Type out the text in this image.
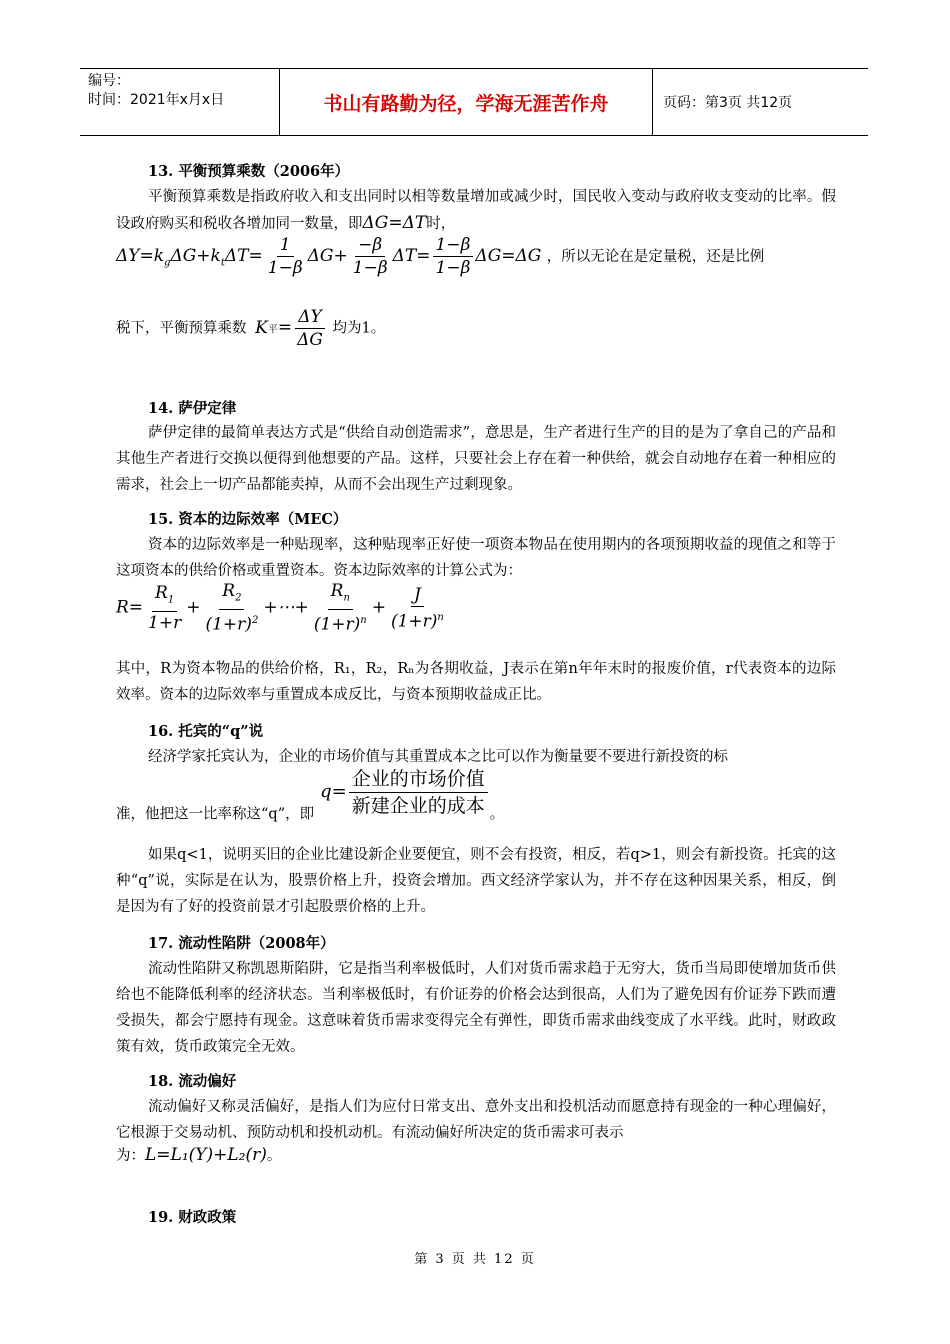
编号：
时间：2021年x月x日	书山有路勤为径，学海无涯苦作舟	页码：第3页 共12页
13. 平衡预算乘数（2006年）
平衡预算乘数是指政府收入和支出同时以相等数量增加或减少时，国民收入变动与政府收支变动的比率。假设政府购买和税收各增加同一数量，即ΔG=ΔT时，
$\Delta Y=k_g\Delta G+k_t\Delta T= \frac{1}{1-\beta} \Delta G+ \frac{-\beta}{1-\beta} \Delta T= \frac{1-\beta}{1-\beta} \Delta G=\Delta G$ ，所以无论在是定量税，还是比例
税下，平衡预算乘数 K平= $\frac{\Delta Y}{\Delta G}$ 均为1。
14. 萨伊定律
萨伊定律的最简单表达方式是“供给自动创造需求”，意思是，生产者进行生产的目的是为了拿自己的产品和其他生产者进行交换以便得到他想要的产品。这样，只要社会上存在着一种供给，就会自动地存在着一种相应的需求，社会上一切产品都能卖掉，从而不会出现生产过剩现象。
15. 资本的边际效率（MEC）
资本的边际效率是一种贴现率，这种贴现率正好使一项资本物品在使用期内的各项预期收益的现值之和等于这项资本的供给价格或重置资本。资本边际效率的计算公式为：
$R= \frac{R_1}{1+r} + \frac{R_2}{(1+r)^2}$ +⋯+ $\frac{R_n}{(1+r)^n} + \frac{J}{(1+r)^n}$
其中，R为资本物品的供给价格，R₁，R₂，Rₙ为各期收益，J表示在第n年年末时的报废价值，r代表资本的边际效率。资本的边际效率与重置成本成反比，与资本预期收益成正比。
16. 托宾的“q”说
经济学家托宾认为，企业的市场价值与其重置成本之比可以作为衡量要不要进行新投资的标
准，他把这一比率称这“q”，即$q= \frac{\text{企业的市场价值}}{\text{新建企业的成本}}$ 。
如果q<1，说明买旧的企业比建设新企业要便宜，则不会有投资，相反，若q>1，则会有新投资。托宾的这种“q”说，实际是在认为，股票价格上升，投资会增加。西文经济学家认为，并不存在这种因果关系，相反，倒是因为有了好的投资前景才引起股票价格的上升。
17. 流动性陷阱（2008年）
流动性陷阱又称凯恩斯陷阱，它是指当利率极低时，人们对货币需求趋于无穷大，货币当局即使增加货币供给也不能降低利率的经济状态。当利率极低时，有价证券的价格会达到很高，人们为了避免因有价证券下跌而遭受损失，都会宁愿持有现金。这意味着货币需求变得完全有弹性，即货币需求曲线变成了水平线。此时，财政政策有效，货币政策完全无效。
18. 流动偏好
流动偏好又称灵活偏好，是指人们为应付日常支出、意外支出和投机活动而愿意持有现金的一种心理偏好，它根源于交易动机、预防动机和投机动机。有流动偏好所决定的货币需求可表示
为：L=L₁(Y)+L₂(r)。
19. 财政政策
第 3 页 共 12 页
